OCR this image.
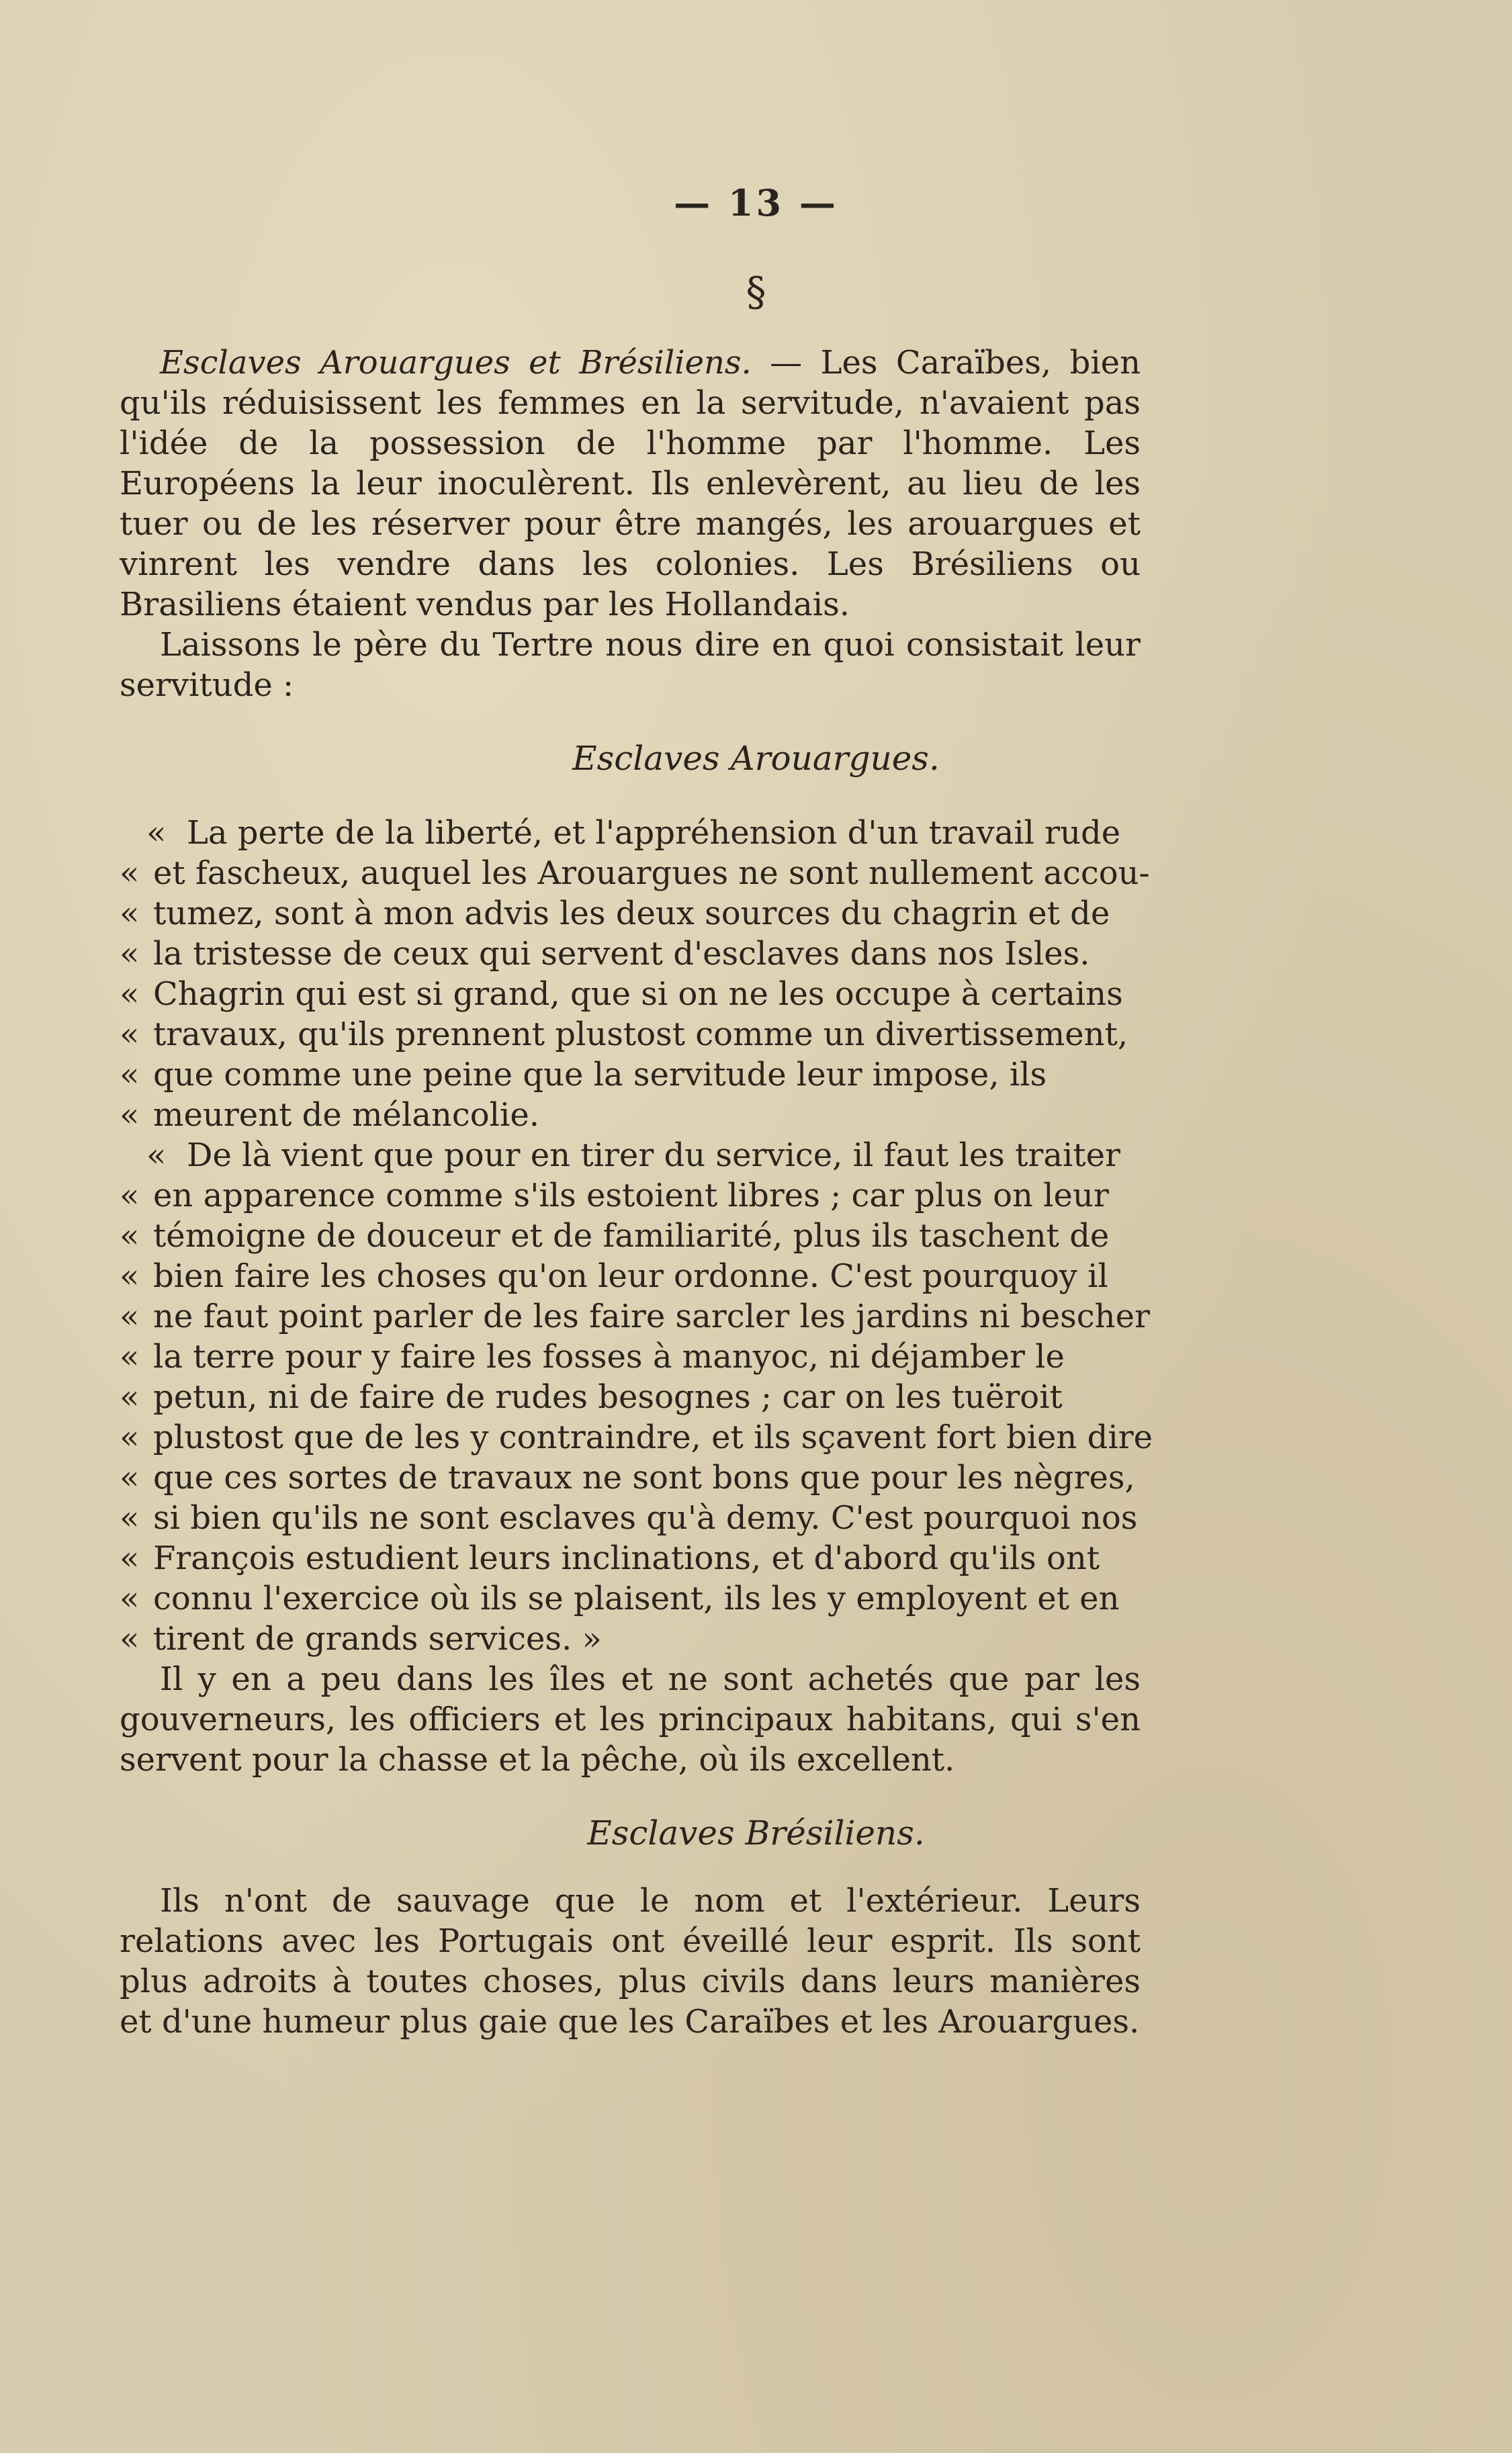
— 13 —
§

Esclaves Arouargues et Brésiliens. — Les Caraïbes, bien qu'ils réduisissent les femmes en la servitude, n'avaient pas l'idée de la possession de l'homme par l'homme. Les Européens la leur inoculèrent. Ils enlevèrent, au lieu de les tuer ou de les réserver pour être mangés, les arouargues et vinrent les vendre dans les colonies. Les Brésiliens ou Brasiliens étaient vendus par les Hollandais.

Laissons le père du Tertre nous dire en quoi consistait leur servitude :

Esclaves Arouargues.
« La perte de la liberté, et l'appréhension d'un travail rude
« et fascheux, auquel les Arouargues ne sont nullement accou-
« tumez, sont à mon advis les deux sources du chagrin et de
« la tristesse de ceux qui servent d'esclaves dans nos Isles.
« Chagrin qui est si grand, que si on ne les occupe à certains
« travaux, qu'ils prennent plustost comme un divertissement,
« que comme une peine que la servitude leur impose, ils
« meurent de mélancolie.
« De là vient que pour en tirer du service, il faut les traiter
« en apparence comme s'ils estoient libres ; car plus on leur
« témoigne de douceur et de familiarité, plus ils taschent de
« bien faire les choses qu'on leur ordonne. C'est pourquoy il
« ne faut point parler de les faire sarcler les jardins ni bescher
« la terre pour y faire les fosses à manyoc, ni déjamber le
« petun, ni de faire de rudes besognes ; car on les tuëroit
« plustost que de les y contraindre, et ils sçavent fort bien dire
« que ces sortes de travaux ne sont bons que pour les nègres,
« si bien qu'ils ne sont esclaves qu'à demy. C'est pourquoi nos
« François estudient leurs inclinations, et d'abord qu'ils ont
« connu l'exercice où ils se plaisent, ils les y employent et en
« tirent de grands services. »

Il y en a peu dans les îles et ne sont achetés que par les gouverneurs, les officiers et les principaux habitans, qui s'en servent pour la chasse et la pêche, où ils excellent.

Esclaves Brésiliens.

Ils n'ont de sauvage que le nom et l'extérieur. Leurs relations avec les Portugais ont éveillé leur esprit. Ils sont plus adroits à toutes choses, plus civils dans leurs manières et d'une humeur plus gaie que les Caraïbes et les Arouargues.
